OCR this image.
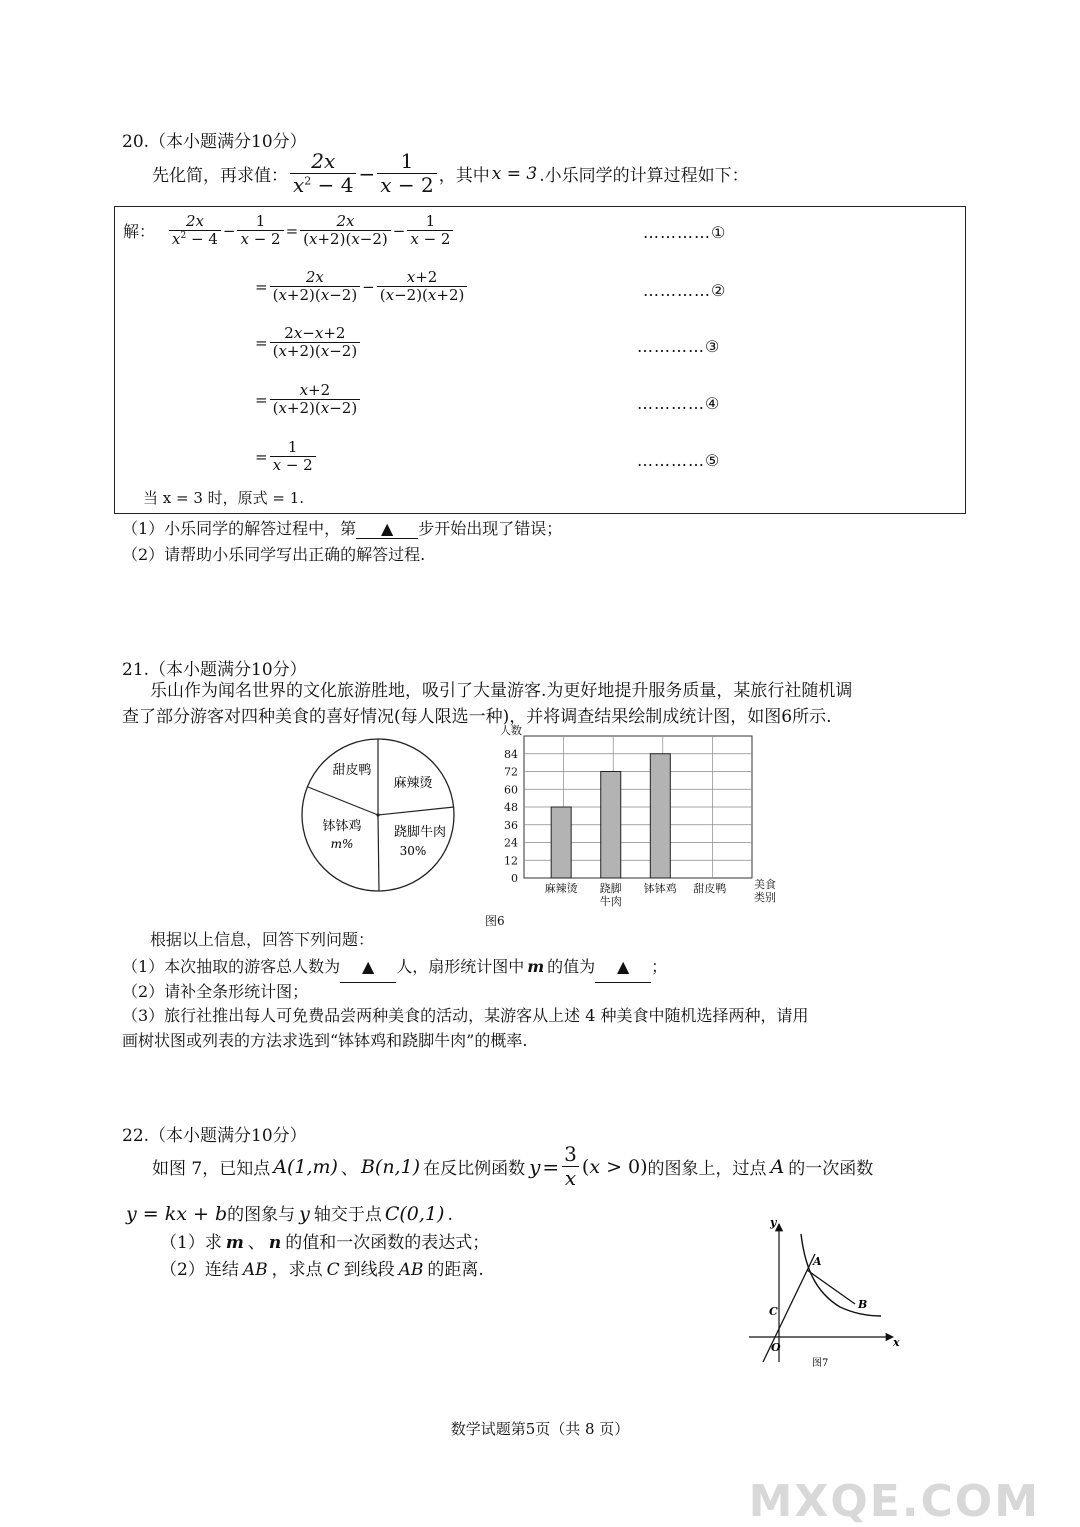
20.（本小题满分10分）
先化简，再求值： $\frac{2x}{x^2 - 4} - \frac{1}{x - 2}$ ，其中 x = 3 .小乐同学的计算过程如下：
解： $\frac{2x}{x^2 - 4} - \frac{1}{x - 2} = \frac{2x}{(x+2)(x-2)} - \frac{1}{x - 2}$	…………①
= $\frac{2x}{(x+2)(x-2)} - \frac{x+2}{(x-2)(x+2)}$	…………②
= $\frac{2x-x+2}{(x+2)(x-2)}$	…………③
= $\frac{x+2}{(x+2)(x-2)}$	…………④
= $\frac{1}{x - 2}$	…………⑤
当 x = 3 时，原式 = 1.
（1）小乐同学的解答过程中，第 ▲ 步开始出现了错误；
（2）请帮助小乐同学写出正确的解答过程.
21.（本小题满分10分）
乐山作为闻名世界的文化旅游胜地，吸引了大量游客.为更好地提升服务质量，某旅行社随机调
查了部分游客对四种美食的喜好情况(每人限选一种)，并将调查结果绘制成统计图，如图6所示.
甜皮鸭
麻辣烫
钵钵鸡
m%
跷脚牛肉
30%
0
12
24
36
48
60
72
84
麻辣烫 跷脚
牛肉
钵钵鸡 甜皮鸭
人数
美食
类别
图6
根据以上信息，回答下列问题：
（1）本次抽取的游客总人数为 ▲ 人，扇形统计图中 m 的值为 ▲ ；
（2）请补全条形统计图；
（3）旅行社推出每人可免费品尝两种美食的活动，某游客从上述 4 种美食中随机选择两种，请用
画树状图或列表的方法求选到“钵钵鸡和跷脚牛肉”的概率.
22.（本小题满分10分）
如图 7，已知点 A(1,m) 、 B(n,1) 在反比例函数 $y = \frac{3}{x} (x > 0)$ 的图象上，过点 A 的一次函数
y = kx + b的图象与 y 轴交于点 C(0,1) .
（1）求 m 、 n 的值和一次函数的表达式；
（2）连结 AB ，求点 C 到线段 AB 的距离.	A
B
C
O	x
y
图7
数学试题第5页（共 8 页）
MXQE.COM
